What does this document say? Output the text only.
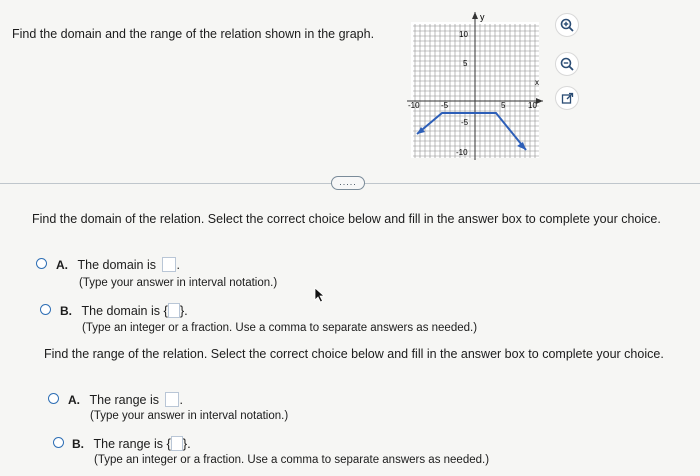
Find the domain and the range of the relation shown in the graph.
y
x
10
5
-5
-10
-10	-5	5	10
.....
Find the domain of the relation. Select the correct choice below and fill in the answer box to complete your choice.
A. The domain is .
(Type your answer in interval notation.)
B. The domain is { }.
(Type an integer or a fraction. Use a comma to separate answers as needed.)
Find the range of the relation. Select the correct choice below and fill in the answer box to complete your choice.
A. The range is .
(Type your answer in interval notation.)
B. The range is { }.
(Type an integer or a fraction. Use a comma to separate answers as needed.)
